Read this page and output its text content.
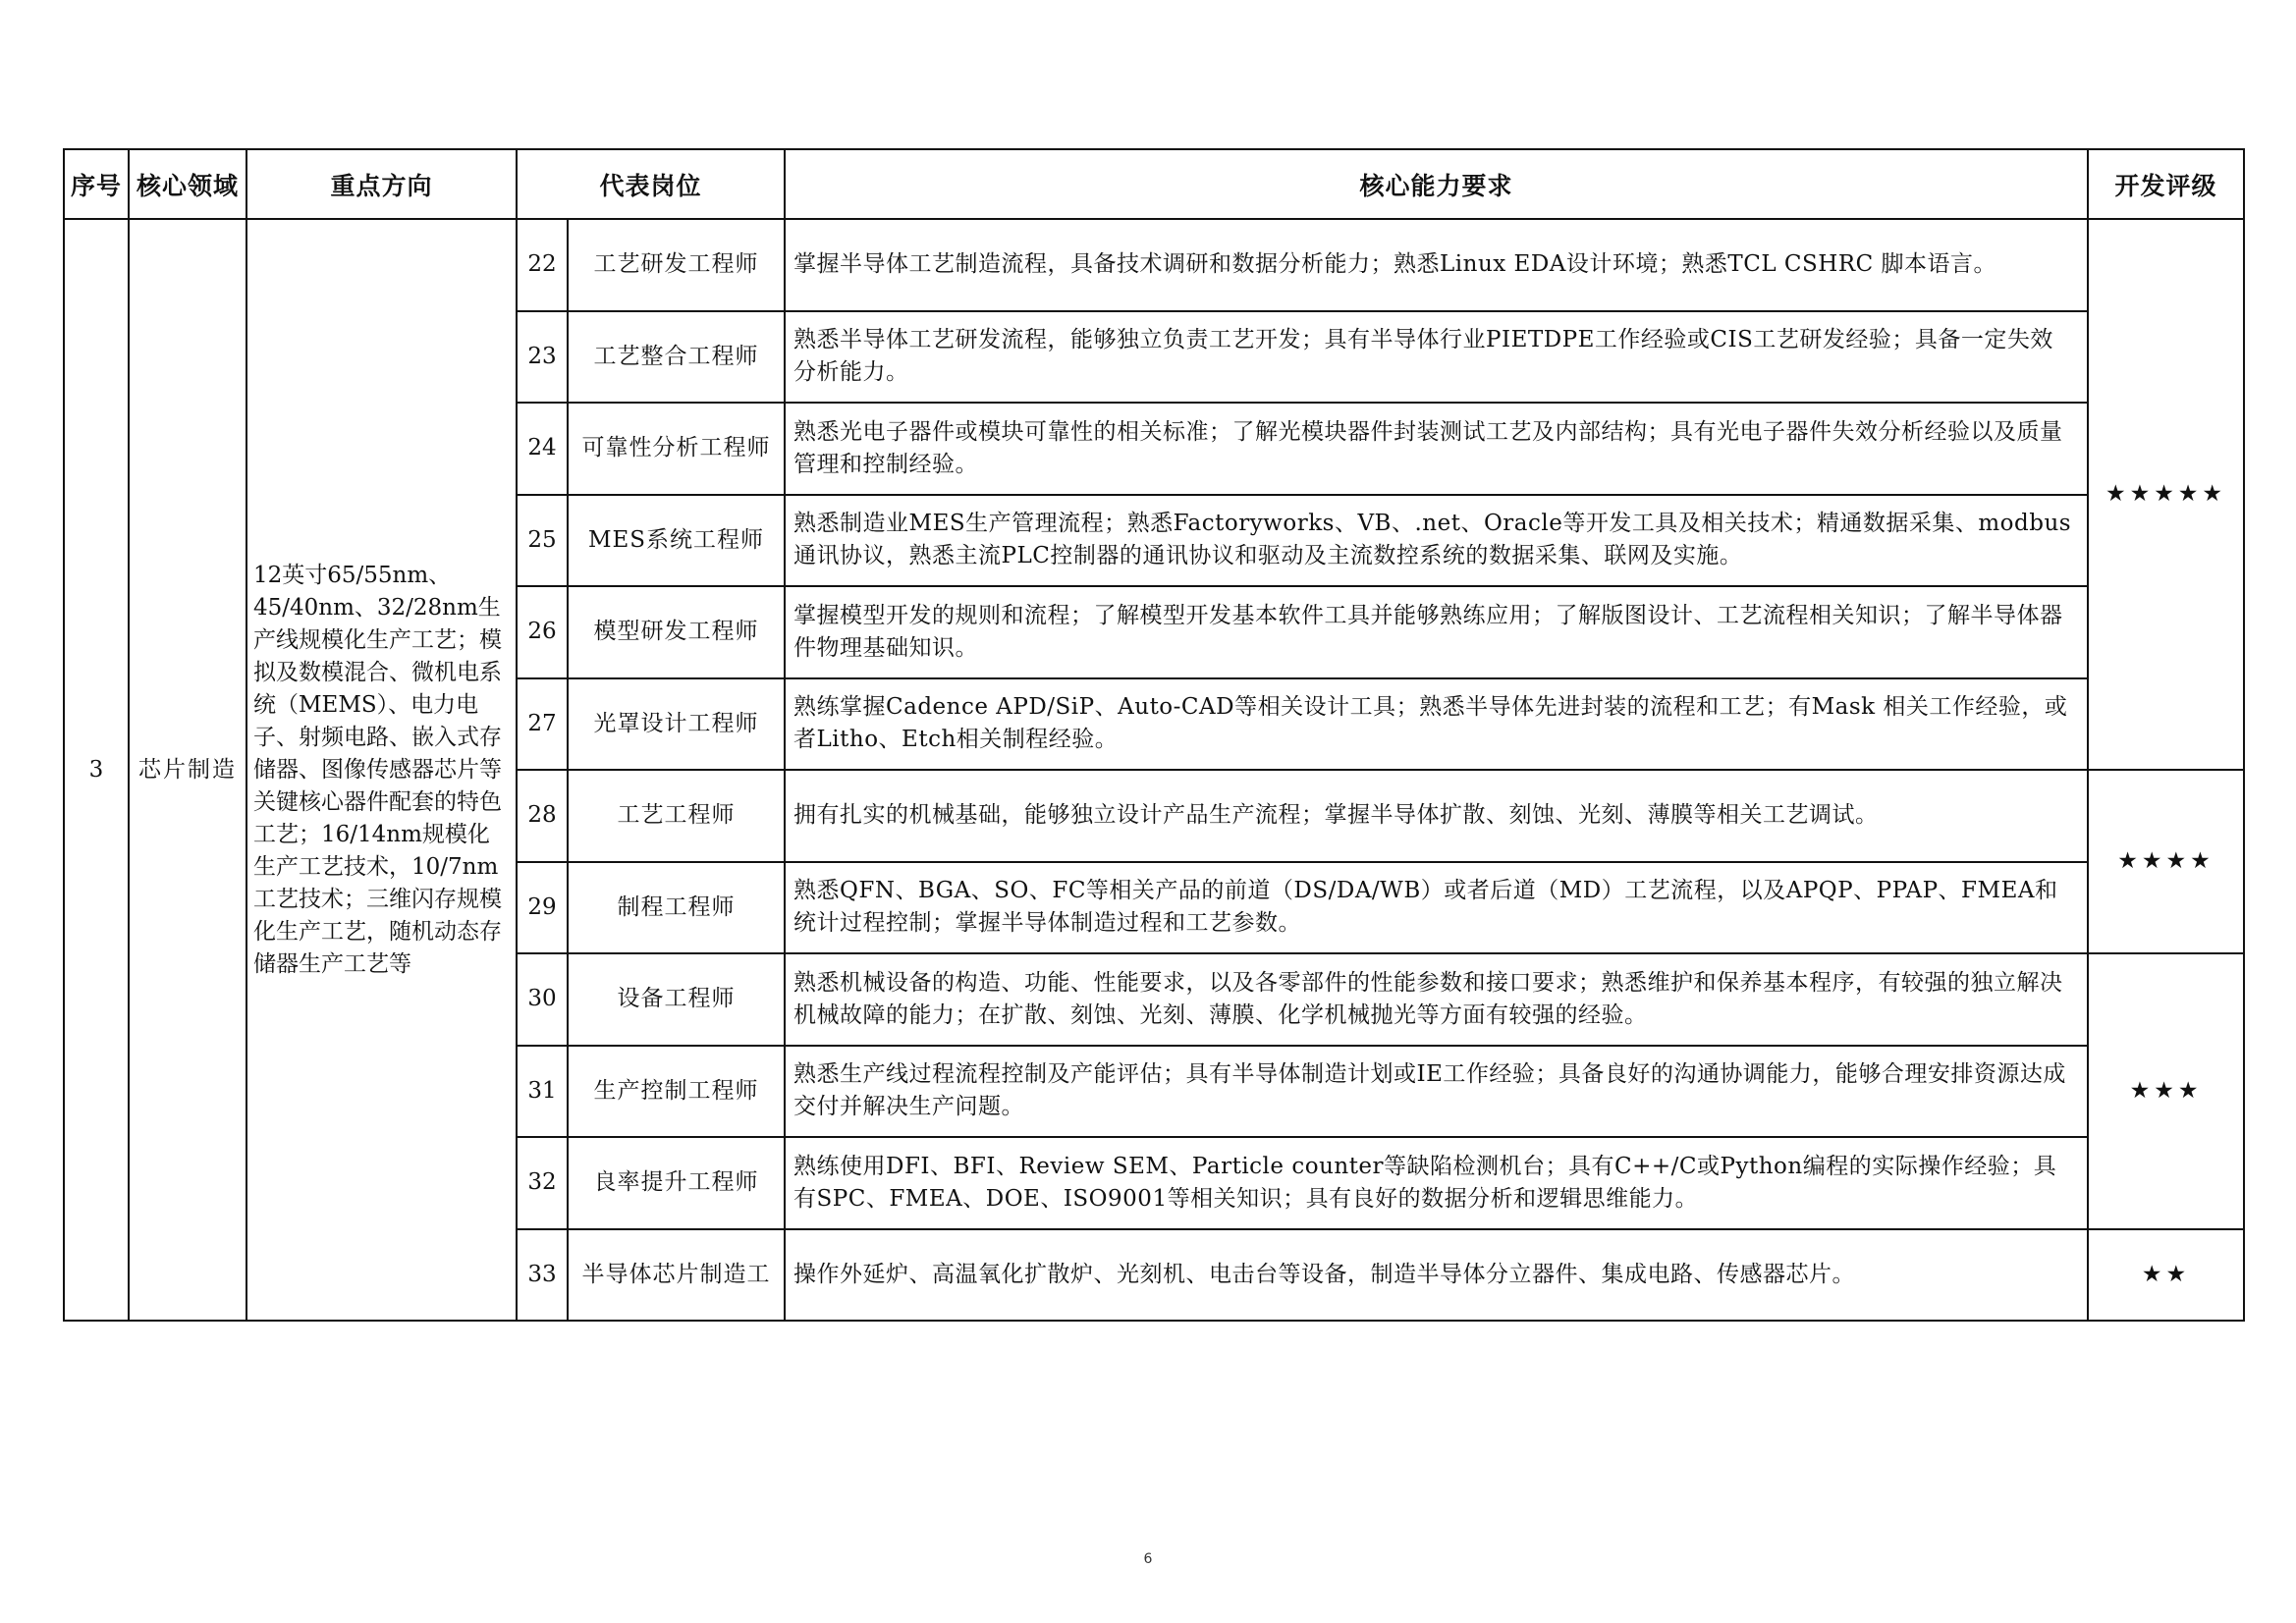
序号	核心领域	重点方向	代表岗位		核心能力要求	开发评级
3	芯片制造	12英寸65/55nm、45/40nm、32/28nm生产线规模化生产工艺；模拟及数模混合、微机电系统（MEMS）、电力电子、射频电路、嵌入式存储器、图像传感器芯片等关键核心器件配套的特色工艺；16/14nm规模化生产工艺技术，10/7nm工艺技术；三维闪存规模化生产工艺，随机动态存储器生产工艺等	22	工艺研发工程师	掌握半导体工艺制造流程，具备技术调研和数据分析能力；熟悉Linux EDA设计环境；熟悉TCL CSHRC 脚本语言。	★★★★★
			23	工艺整合工程师	熟悉半导体工艺研发流程，能够独立负责工艺开发；具有半导体行业PIETDPE工作经验或CIS工艺研发经验；具备一定失效分析能力。	
			24	可靠性分析工程师	熟悉光电子器件或模块可靠性的相关标准；了解光模块器件封装测试工艺及内部结构；具有光电子器件失效分析经验以及质量管理和控制经验。	
			25	MES系统工程师	熟悉制造业MES生产管理流程；熟悉Factoryworks、VB、.net、Oracle等开发工具及相关技术；精通数据采集、modbus通讯协议，熟悉主流PLC控制器的通讯协议和驱动及主流数控系统的数据采集、联网及实施。	
			26	模型研发工程师	掌握模型开发的规则和流程；了解模型开发基本软件工具并能够熟练应用；了解版图设计、工艺流程相关知识；了解半导体器件物理基础知识。	
			27	光罩设计工程师	熟练掌握Cadence APD/SiP、Auto-CAD等相关设计工具；熟悉半导体先进封装的流程和工艺；有Mask 相关工作经验，或者Litho、Etch相关制程经验。	
			28	工艺工程师	拥有扎实的机械基础，能够独立设计产品生产流程；掌握半导体扩散、刻蚀、光刻、薄膜等相关工艺调试。	★★★★
			29	制程工程师	熟悉QFN、BGA、SO、FC等相关产品的前道（DS/DA/WB）或者后道（MD）工艺流程，以及APQP、PPAP、FMEA和统计过程控制；掌握半导体制造过程和工艺参数。	
			30	设备工程师	熟悉机械设备的构造、功能、性能要求，以及各零部件的性能参数和接口要求；熟悉维护和保养基本程序，有较强的独立解决机械故障的能力；在扩散、刻蚀、光刻、薄膜、化学机械抛光等方面有较强的经验。	★★★
			31	生产控制工程师	熟悉生产线过程流程控制及产能评估；具有半导体制造计划或IE工作经验；具备良好的沟通协调能力，能够合理安排资源达成交付并解决生产问题。	
			32	良率提升工程师	熟练使用DFI、BFI、Review SEM、Particle counter等缺陷检测机台；具有C++/C或Python编程的实际操作经验；具有SPC、FMEA、DOE、ISO9001等相关知识；具有良好的数据分析和逻辑思维能力。	
			33	半导体芯片制造工	操作外延炉、高温氧化扩散炉、光刻机、电击台等设备，制造半导体分立器件、集成电路、传感器芯片。	★★
6
